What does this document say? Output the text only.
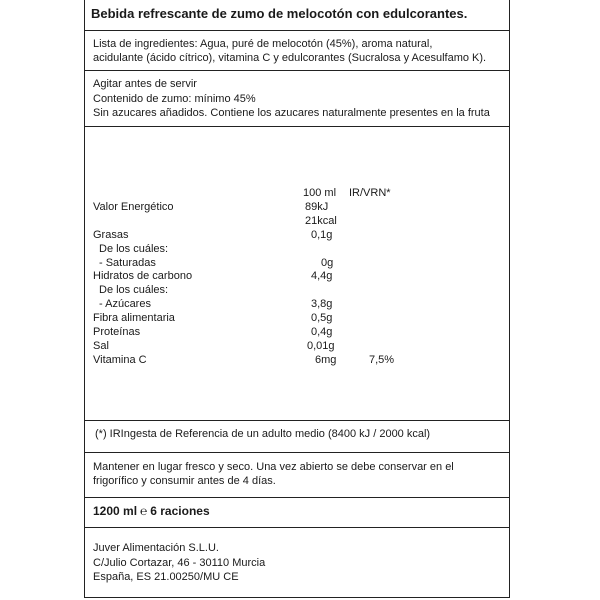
Bebida refrescante de zumo de melocotón con edulcorantes.
Lista de ingredientes: Agua, puré de melocotón (45%), aroma natural,
acidulante (ácido cítrico), vitamina C y edulcorantes (Sucralosa y Acesulfamo K).
Agitar antes de servir
Contenido de zumo: mínimo 45%
Sin azucares añadidos. Contiene los azucares naturalmente presentes en la fruta
100 ml IR/VRN*
Valor Energético	89kJ
21kcal
Grasas	0,1g
De los cuáles:
- Saturadas	0g
Hidratos de carbono	4,4g
De los cuáles:
- Azúcares	3,8g
Fibra alimentaria	0,5g
Proteínas	0,4g
Sal	0,01g
Vitamina C	6mg	7,5%
(*) IRIngesta de Referencia de un adulto medio (8400 kJ / 2000 kcal)
Mantener en lugar fresco y seco. Una vez abierto se debe conservar en el
frigorífico y consumir antes de 4 días.
1200 ml ℮ 6 raciones
Juver Alimentación S.L.U.
C/Julio Cortazar, 46 - 30110 Murcia
España, ES 21.00250/MU CE
